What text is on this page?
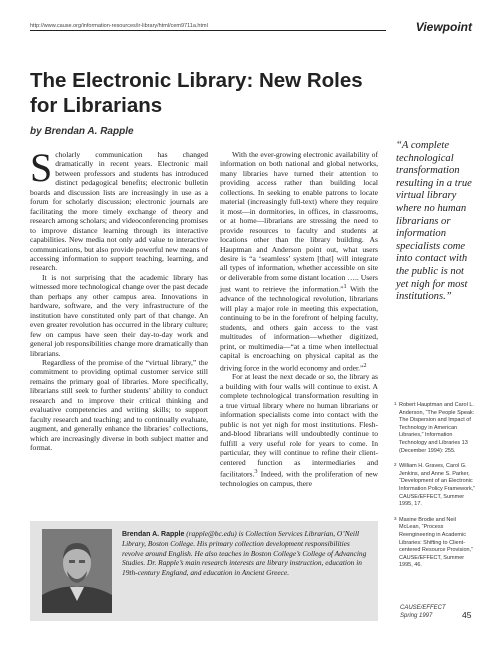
http://www.cause.org/information-resources/ir-library/html/cem9711a.html	Viewpoint
The Electronic Library: New Roles for Librarians
by Brendan A. Rapple

Scholarly communication has changed dramatically in recent years. Electronic mail between professors and students has introduced distinct pedagogical benefits; electronic bulletin boards and discussion lists are increasingly in use as a forum for scholarly discussion; electronic journals are facilitating the more timely exchange of theory and research among scholars; and videoconferencing promises to improve distance learning through its interactive capabilities. New media not only add value to interactive communications, but also provide powerful new means of accessing information to support teaching, learning, and research.

It is not surprising that the academic library has witnessed more technological change over the past decade than perhaps any other campus area. Innovations in hardware, software, and the very infrastructure of the institution have constituted only part of that change. An even greater revolution has occurred in the library culture; few on campus have seen their day-to-day work and general job responsibilities change more dramatically than librarians.

Regardless of the promise of the “virtual library,” the commitment to providing optimal customer service still remains the primary goal of libraries. More specifically, librarians still seek to further students’ ability to conduct research and to improve their critical thinking and evaluative competencies and writing skills; to support faculty research and teaching; and to continually evaluate, augment, and generally enhance the libraries’ collections, which are increasingly diverse in both subject matter and format.

With the ever-growing electronic availability of information on both national and global networks, many libraries have turned their attention to providing access rather than building local collections. In seeking to enable patrons to locate material (increasingly full-text) where they require it most—in dormitories, in offices, in classrooms, or at home—librarians are stressing the need to provide resources to faculty and students at locations other than the library building. As Hauptman and Anderson point out, what users desire is “a ‘seamless’ system [that] will integrate all types of information, whether accessible on site or deliverable from some distant location ….. Users just want to retrieve the information.”$^1$ With the advance of the technological revolution, librarians will play a major role in meeting this expectation, continuing to be in the forefront of helping faculty, students, and others gain access to the vast multitudes of information—whether digitized, print, or multimedia—“at a time when intellectual capital is encroaching on physical capital as the driving force in the world economy and order.”$^2$

For at least the next decade or so, the library as a building with four walls will continue to exist. A complete technological transformation resulting in a true virtual library where no human librarians or information specialists come into contact with the public is not yet nigh for most institutions. Flesh-and-blood librarians will undoubtedly continue to fulfill a very useful role for years to come. In particular, they will continue to refine their client-centered function as intermediaries and facilitators.$^3$ Indeed, with the proliferation of new technologies on campus, there

“A complete technological transformation resulting in a true virtual library where no human librarians or information specialists come into contact with the public is not yet nigh for most institutions.”
1 Robert Hauptman and Carol L. Anderson, “The People Speak: The Dispersion and Impact of Technology in American Libraries,” Information Technology and Libraries 13 (December 1994): 255.
2 William H. Graves, Carol G. Jenkins, and Anne S. Parker, “Development of an Electronic Information Policy Framework,” CAUSE/EFFECT, Summer 1995, 17.
3 Maxine Brodie and Neil McLean, “Process Reengineering in Academic Libraries: Shifting to Client-centered Resource Provision,” CAUSE/EFFECT, Summer 1995, 46.
Brendan A. Rapple (rapple@bc.edu) is Collection Services Librarian, O’Neill Library, Boston College. His primary collection development responsibilities revolve around English. He also teaches in Boston College’s College of Advancing Studies. Dr. Rapple’s main research interests are library instruction, education in 19th-century England, and education in Ancient Greece.
CAUSE/EFFECT
Spring 1997	45
